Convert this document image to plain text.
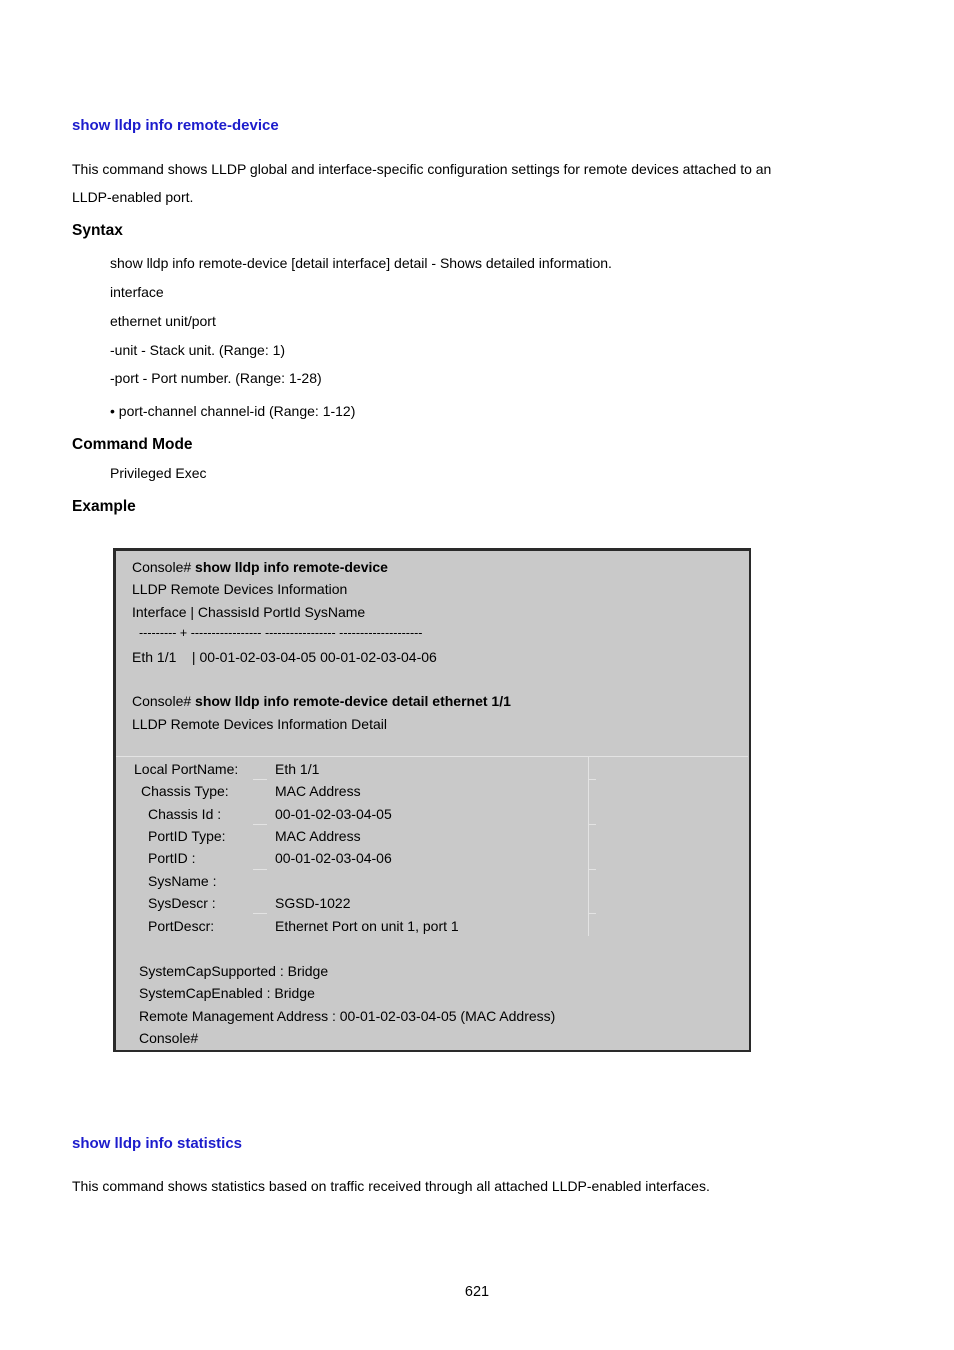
show lldp info remote-device
This command shows LLDP global and interface-specific configuration settings for remote devices attached to an
LLDP-enabled port.
Syntax
show lldp info remote-device [detail interface] detail - Shows detailed information.
interface
ethernet unit/port
-unit - Stack unit. (Range: 1)
-port - Port number. (Range: 1-28)
• port-channel channel-id (Range: 1-12)
Command Mode
Privileged Exec
Example
Console# show lldp info remote-device
LLDP Remote Devices Information
Interface | ChassisId PortId SysName
--------- + ----------------- ----------------- --------------------
Eth 1/1    | 00-01-02-03-04-05 00-01-02-03-04-06
Console# show lldp info remote-device detail ethernet 1/1
LLDP Remote Devices Information Detail
Local PortName:	Eth 1/1
Chassis Type:	MAC Address
Chassis Id :	00-01-02-03-04-05
PortID Type:	MAC Address
PortID :	00-01-02-03-04-06
SysName :
SysDescr :	SGSD-1022
PortDescr:	Ethernet Port on unit 1, port 1
SystemCapSupported : Bridge
SystemCapEnabled : Bridge
Remote Management Address : 00-01-02-03-04-05 (MAC Address)
Console#
show lldp info statistics
This command shows statistics based on traffic received through all attached LLDP-enabled interfaces.
621
